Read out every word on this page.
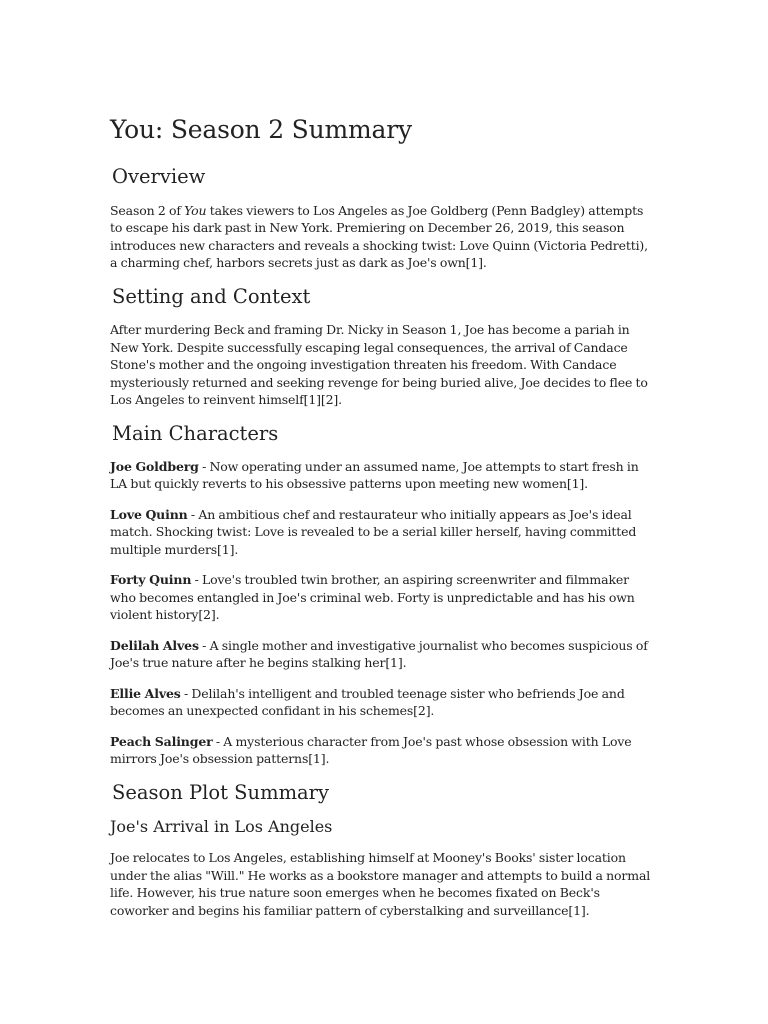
You: Season 2 Summary
Overview

Season 2 of You takes viewers to Los Angeles as Joe Goldberg (Penn Badgley) attempts to escape his dark past in New York. Premiering on December 26, 2019, this season introduces new characters and reveals a shocking twist: Love Quinn (Victoria Pedretti), a charming chef, harbors secrets just as dark as Joe's own[1].

Setting and Context

After murdering Beck and framing Dr. Nicky in Season 1, Joe has become a pariah in New York. Despite successfully escaping legal consequences, the arrival of Candace Stone's mother and the ongoing investigation threaten his freedom. With Candace mysteriously returned and seeking revenge for being buried alive, Joe decides to flee to Los Angeles to reinvent himself[1][2].

Main Characters

Joe Goldberg - Now operating under an assumed name, Joe attempts to start fresh in LA but quickly reverts to his obsessive patterns upon meeting new women[1].

Love Quinn - An ambitious chef and restaurateur who initially appears as Joe's ideal match. Shocking twist: Love is revealed to be a serial killer herself, having committed multiple murders[1].

Forty Quinn - Love's troubled twin brother, an aspiring screenwriter and filmmaker who becomes entangled in Joe's criminal web. Forty is unpredictable and has his own violent history[2].

Delilah Alves - A single mother and investigative journalist who becomes suspicious of Joe's true nature after he begins stalking her[1].

Ellie Alves - Delilah's intelligent and troubled teenage sister who befriends Joe and becomes an unexpected confidant in his schemes[2].

Peach Salinger - A mysterious character from Joe's past whose obsession with Love mirrors Joe's obsession patterns[1].

Season Plot Summary
Joe's Arrival in Los Angeles

Joe relocates to Los Angeles, establishing himself at Mooney's Books' sister location under the alias "Will." He works as a bookstore manager and attempts to build a normal life. However, his true nature soon emerges when he becomes fixated on Beck's coworker and begins his familiar pattern of cyberstalking and surveillance[1].
